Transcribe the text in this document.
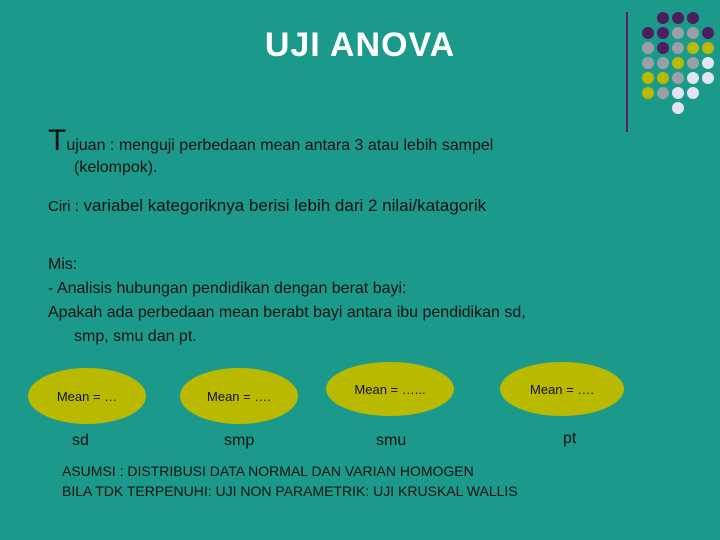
UJI ANOVA
Tujuan : menguji perbedaan mean antara 3 atau lebih sampel
(kelompok).
Ciri : variabel kategoriknya berisi lebih dari 2 nilai/katagorik
Mis:
- Analisis hubungan pendidikan dengan berat bayi:
Apakah ada perbedaan mean berabt bayi antara ibu pendidikan sd,
smp, smu dan pt.
Mean = …	Mean = ….	Mean = …...	Mean = ….
sd	smp	smu	pt
ASUMSI : DISTRIBUSI DATA NORMAL DAN VARIAN HOMOGEN
BILA TDK TERPENUHI: UJI NON PARAMETRIK: UJI KRUSKAL WALLIS
